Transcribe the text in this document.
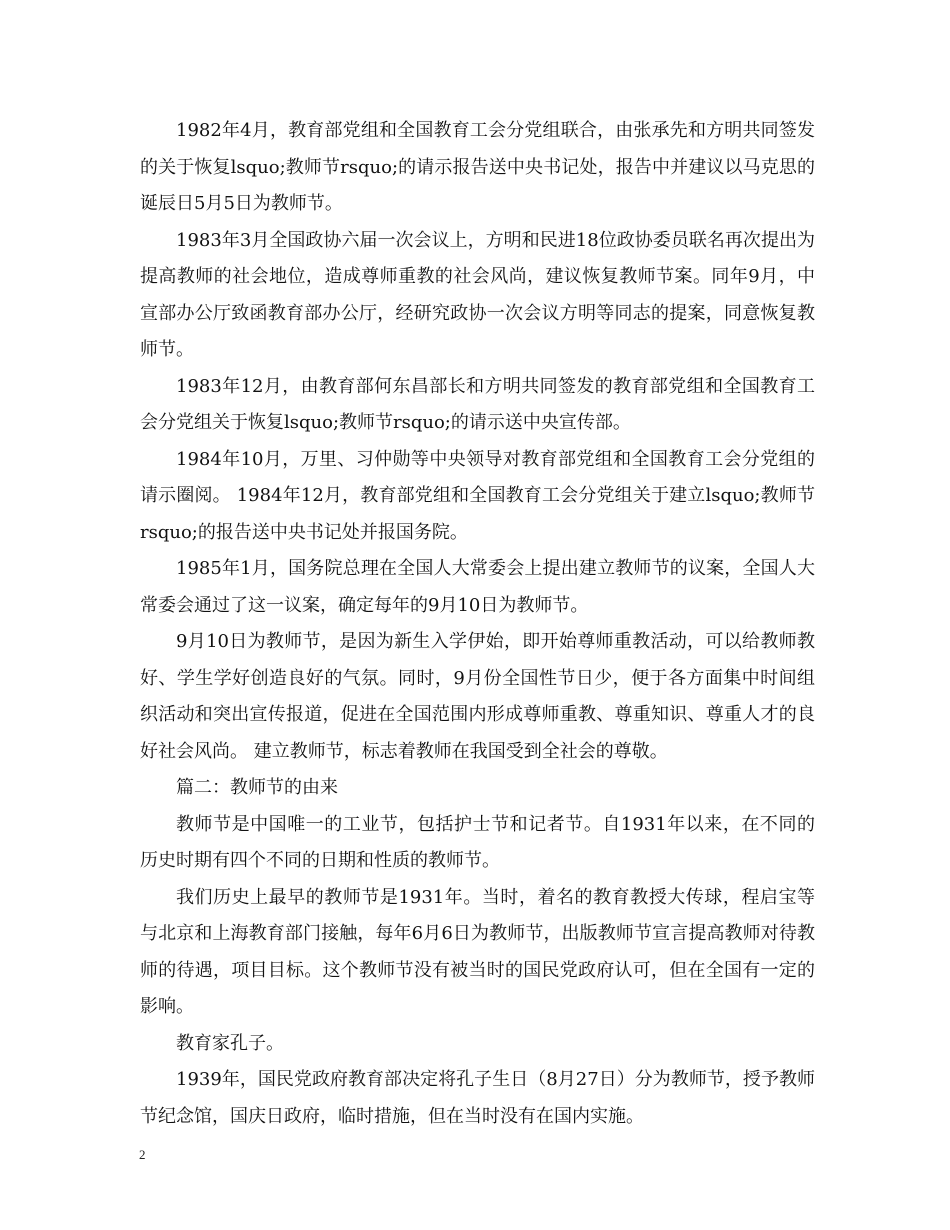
1982年4月，教育部党组和全国教育工会分党组联合，由张承先和方明共同签发的关于恢复lsquo;教师节rsquo;的请示报告送中央书记处，报告中并建议以马克思的诞辰日5月5日为教师节。

1983年3月全国政协六届一次会议上，方明和民进18位政协委员联名再次提出为提高教师的社会地位，造成尊师重教的社会风尚，建议恢复教师节案。同年9月，中宣部办公厅致函教育部办公厅，经研究政协一次会议方明等同志的提案，同意恢复教师节。

1983年12月，由教育部何东昌部长和方明共同签发的教育部党组和全国教育工会分党组关于恢复lsquo;教师节rsquo;的请示送中央宣传部。

1984年10月，万里、习仲勋等中央领导对教育部党组和全国教育工会分党组的请示圈阅。 1984年12月，教育部党组和全国教育工会分党组关于建立lsquo;教师节rsquo;的报告送中央书记处并报国务院。

1985年1月，国务院总理在全国人大常委会上提出建立教师节的议案，全国人大常委会通过了这一议案，确定每年的9月10日为教师节。

9月10日为教师节，是因为新生入学伊始，即开始尊师重教活动，可以给教师教好、学生学好创造良好的气氛。同时，9月份全国性节日少，便于各方面集中时间组织活动和突出宣传报道，促进在全国范围内形成尊师重教、尊重知识、尊重人才的良好社会风尚。 建立教师节，标志着教师在我国受到全社会的尊敬。

篇二：教师节的由来

教师节是中国唯一的工业节，包括护士节和记者节。自1931年以来，在不同的历史时期有四个不同的日期和性质的教师节。

我们历史上最早的教师节是1931年。当时，着名的教育教授大传球，程启宝等与北京和上海教育部门接触，每年6月6日为教师节，出版教师节宣言提高教师对待教师的待遇，项目目标。这个教师节没有被当时的国民党政府认可，但在全国有一定的影响。

教育家孔子。

1939年，国民党政府教育部决定将孔子生日（8月27日）分为教师节，授予教师节纪念馆，国庆日政府，临时措施，但在当时没有在国内实施。

2
